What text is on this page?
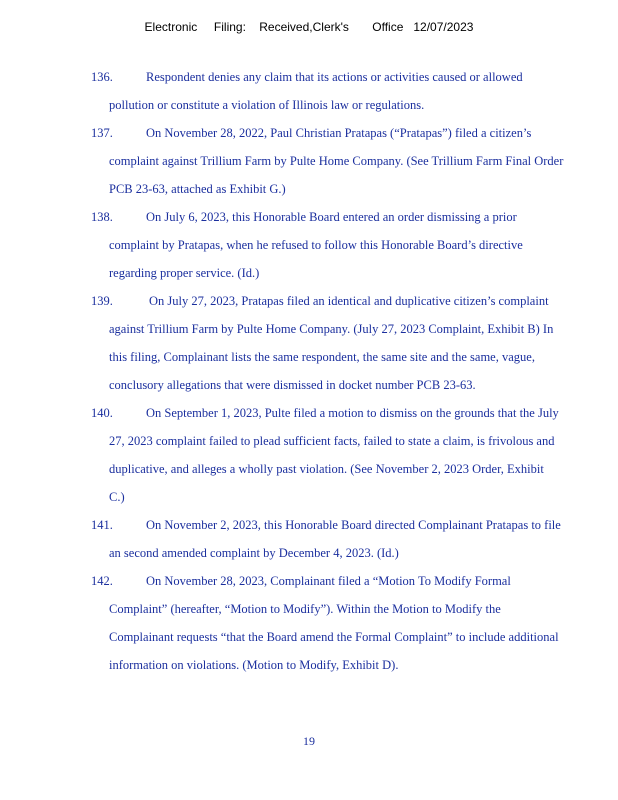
Electronic     Filing:    Received,Clerk's       Office   12/07/2023
136.	Respondent denies any claim that its actions or activities caused or allowed
pollution or constitute a violation of Illinois law or regulations.
137.	On November 28, 2022, Paul Christian Pratapas (“Pratapas”) filed a citizen’s
complaint against Trillium Farm by Pulte Home Company. (See Trillium Farm Final Order
PCB 23-63, attached as Exhibit G.)
138.	On July 6, 2023, this Honorable Board entered an order dismissing a prior
complaint by Pratapas, when he refused to follow this Honorable Board’s directive
regarding proper service. (Id.)
139.	On July 27, 2023, Pratapas filed an identical and duplicative citizen’s complaint
against Trillium Farm by Pulte Home Company. (July 27, 2023 Complaint, Exhibit B) In
this filing, Complainant lists the same respondent, the same site and the same, vague,
conclusory allegations that were dismissed in docket number PCB 23-63.
140.	On September 1, 2023, Pulte filed a motion to dismiss on the grounds that the July
27, 2023 complaint failed to plead sufficient facts, failed to state a claim, is frivolous and
duplicative, and alleges a wholly past violation. (See November 2, 2023 Order, Exhibit
C.)
141.	On November 2, 2023, this Honorable Board directed Complainant Pratapas to file
an second amended complaint by December 4, 2023. (Id.)
142.	On November 28, 2023, Complainant filed a “Motion To Modify Formal
Complaint” (hereafter, “Motion to Modify”). Within the Motion to Modify the
Complainant requests “that the Board amend the Formal Complaint” to include additional
information on violations. (Motion to Modify, Exhibit D).
19
